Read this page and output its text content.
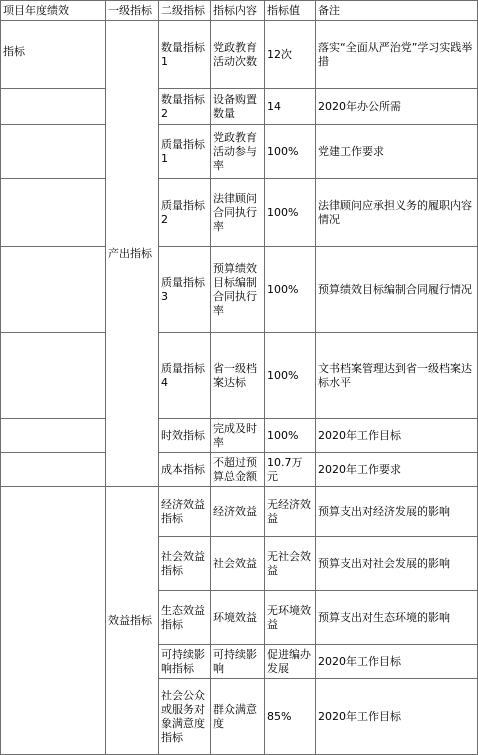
项目年度绩效	一级指标	二级指标	指标内容	指标值	备注
指标	产出指标	数量指标1	党政教育活动次数	12次	落实“全面从严治党”学习实践举措
		数量指标2	设备购置数量	14	2020年办公所需
		质量指标1	党政教育活动参与率	100%	党建工作要求
		质量指标2	法律顾问合同执行率	100%	法律顾问应承担义务的履职内容情况
		质量指标3	预算绩效目标编制合同执行率	100%	预算绩效目标编制合同履行情况
		质量指标4	省一级档案达标	100%	文书档案管理达到省一级档案达标水平
		时效指标	完成及时率	100%	2020年工作目标
		成本指标	不超过预算总金额	10.7万元	2020年工作要求
	效益指标	经济效益指标	经济效益	无经济效益	预算支出对经济发展的影响
		社会效益指标	社会效益	无社会效益	预算支出对社会发展的影响
		生态效益指标	环境效益	无环境效益	预算支出对生态环境的影响
		可持续影响指标	可持续影响	促进编办发展	2020年工作目标
		社会公众或服务对象满意度指标	群众满意度	85%	2020年工作目标
